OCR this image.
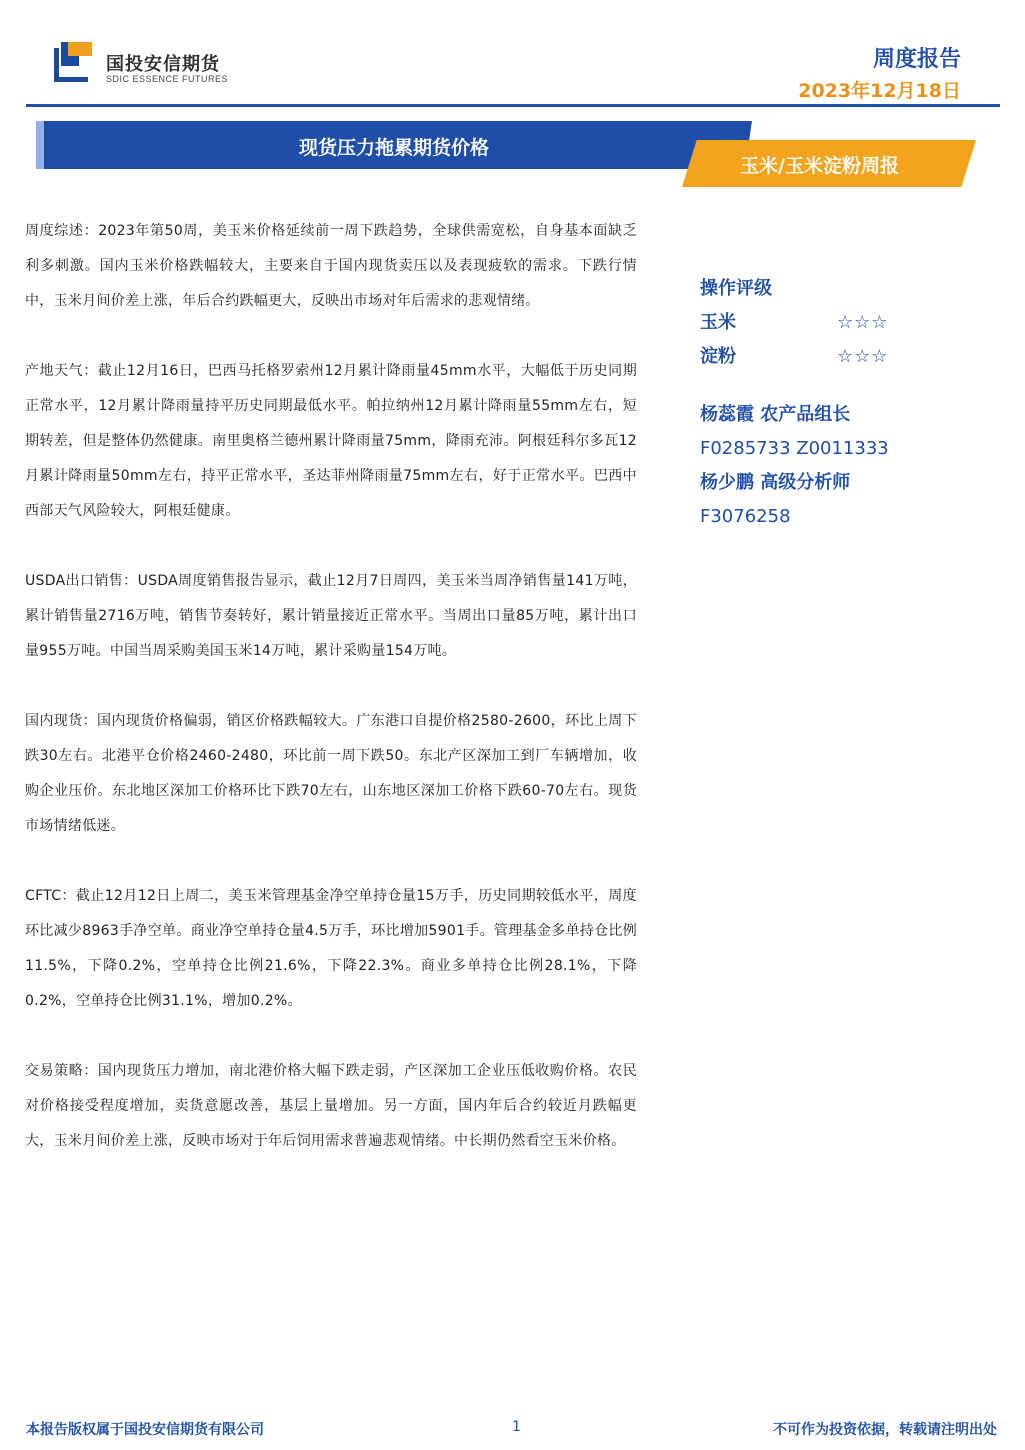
国投安信期货
SDIC ESSENCE FUTURES
周度报告
2023年12月18日
现货压力拖累期货价格
玉米/玉米淀粉周报

周度综述：2023年第50周，美玉米价格延续前一周下跌趋势，全球供需宽松，自身基本面缺乏利多刺激。国内玉米价格跌幅较大，主要来自于国内现货卖压以及表现疲软的需求。下跌行情中，玉米月间价差上涨，年后合约跌幅更大，反映出市场对年后需求的悲观情绪。

产地天气：截止12月16日，巴西马托格罗索州12月累计降雨量45mm水平，大幅低于历史同期正常水平，12月累计降雨量持平历史同期最低水平。帕拉纳州12月累计降雨量55mm左右，短期转差，但是整体仍然健康。南里奥格兰德州累计降雨量75mm，降雨充沛。阿根廷科尔多瓦12月累计降雨量50mm左右，持平正常水平，圣达菲州降雨量75mm左右，好于正常水平。巴西中西部天气风险较大，阿根廷健康。

USDA出口销售：USDA周度销售报告显示，截止12月7日周四，美玉米当周净销售量141万吨，累计销售量2716万吨，销售节奏转好，累计销量接近正常水平。当周出口量85万吨，累计出口量955万吨。中国当周采购美国玉米14万吨，累计采购量154万吨。

国内现货：国内现货价格偏弱，销区价格跌幅较大。广东港口自提价格2580-2600，环比上周下跌30左右。北港平仓价格2460-2480，环比前一周下跌50。东北产区深加工到厂车辆增加，收购企业压价。东北地区深加工价格环比下跌70左右，山东地区深加工价格下跌60-70左右。现货市场情绪低迷。

CFTC：截止12月12日上周二，美玉米管理基金净空单持仓量15万手，历史同期较低水平，周度环比减少8963手净空单。商业净空单持仓量4.5万手，环比增加5901手。管理基金多单持仓比例11.5%，下降0.2%，空单持仓比例21.6%，下降22.3%。商业多单持仓比例28.1%，下降0.2%，空单持仓比例31.1%，增加0.2%。

交易策略：国内现货压力增加，南北港价格大幅下跌走弱，产区深加工企业压低收购价格。农民对价格接受程度增加，卖货意愿改善，基层上量增加。另一方面，国内年后合约较近月跌幅更大，玉米月间价差上涨，反映市场对于年后饲用需求普遍悲观情绪。中长期仍然看空玉米价格。

操作评级
玉米	☆☆☆
淀粉	☆☆☆
杨蕊霞 农产品组长
F0285733 Z0011333
杨少鹏 高级分析师
F3076258
本报告版权属于国投安信期货有限公司	1	不可作为投资依据，转载请注明出处
